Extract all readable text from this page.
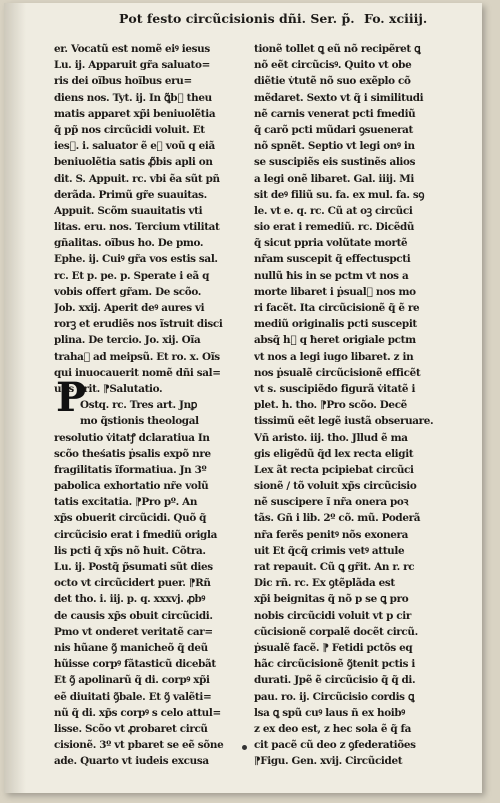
Pοt festo circũcisionis dñi. Ser. p̃. Fo. xciiij.
er. Vocatũ est nomẽ eiꝰ iesus
Lu. ij. Apparuit gr̃a saluato=
ris dei oĩbus hoĩbus eru=
diens nos. Tyt. ij. In ꝗ̃b᷒ theu
matis apparet xp̃i beniuolẽtia
q̃ pp̃ nos circũcidi voluit. Et
ies᷒. i. saluator ẽ eꝯ voũ q eiã
beniuolẽtia satis ꝓ̃bis apli on
dit. S. Appuit. rc. vbi ẽa sũt pñ
derãda. Primũ gr̃e suauitas.
Appuit. Scõm suauitatis vti
litas. eru. nos. Tercium vtilitat
gñalitas. oĩbus ho. De pmo.
Ephe. ij. Cuiꝰ gr̃a vos estis sal.
rc. Et p. pe. p. Sperate i eã q
vobis offert gr̃am. De scõo.
Job. xxij. Aperit deꝰ aures vi
rorꝫ et erudiẽs nos ĩstruit disci
plina. De tercio. Jo. xij. Oĩa
traha᷒ ad meipsũ. Et ro. x. Oĩs
qui inuocauerit nomẽ dñi sal=
uus erit. ⁋Salutatio.
Ostq. rc. Tres art. Jnꝑ
mo q̃stionis theologal
resolutio v̇itatꝭ dclaratiua In
scõo theśatis ṗsalis expõ nre
fragilitatis ĩformatiua. Jn 3º
pabolica exhortatio nr̃e volũ
tatis excitatia. ⁋Pro pº. An
xp̃s obuerit circũcidi. Quõ q̃
circũcisio erat i fmediũ origla
lis pcti q̃ xp̃s nõ ħuit. Cõtra.
Lu. ij. Postq̃ p̃sumati sũt dies
octo vt circũcidert puer. ⁋Rñ
det tho. i. iij. p. q. xxxvj. ꝓbꝰ
de causis xp̃s obuit circũcidi.
Pmo vt onderet veritatẽ car=
nis hũane ꝯ̃ manicheõ q̃ deũ
hũisse corpꝰ fãtasticũ dicebãt
Et ꝯ̃ apolinarũ q̃ di. corpꝰ xp̃i
eẽ diuitati ꝯ̃bale. Et ꝯ̃ valẽti=
nũ q̃ di. xp̃s corpꝰ s celo attul=
lisse. Scõo vt ꝓrobaret circũ
cisionẽ. 3º vt pbaret se eẽ sõne
ade. Quarto vt iudeis excusa
P
tionẽ tollet ꝗ eũ nõ recipẽret ꝗ
nõ eẽt circũcisꝰ. Quito vt obe
diẽtie v̇tutẽ nõ suo exẽplo cõ
mẽdaret. Sexto vt q̃ i similitudi
nẽ carnis venerat pcti fmediũ
q̃ carõ pcti mũdari ꝯsuenerat
nõ spnẽt. Septio vt legi onꝰ in
se suscipiẽs eis sustinẽs alios
a legi onẽ libaret. Gal. iiij. Mi
sit deꝰ filiũ su. fa. ex mul. fa. sꝯ
le. vt e. q. rc. Cũ at oꝫ circũci
sio erat i remediũ. rc. Dicẽdũ
q̃ sicut ppria volũtate mortẽ
nr̃am suscepit q̃ effectuspcti
nullũ ħis in se pctm vt nos a
morte libaret i ṗsual᷑ nos mo
ri facẽt. Ita circũcisionẽ q̃ ẽ re
mediũ originalis pcti suscepit
absq̃ h᷒ q ħeret origiale pctm
vt nos a legi iugo libaret. z in
nos ṗsualẽ circũcisionẽ efficẽt
vt s. suscipiẽdo figurã v̇itatẽ i
plet. h. tho. ⁋Pro scõo. Decẽ
tissimũ eẽt legẽ iustã obseruare.
Vñ aristo. iij. tho. Jllud ẽ ma
gis eligẽdũ q̃d lex recta eligit
Lex ãt recta pcipiebat circũci
sionẽ / tõ voluit xp̃s circũcisio
nẽ suscipere ĩ nr̃a onera poꝛ
tãs. Gñ i lib. 2º cõ. mũ. Poderã
nr̃a ferẽs penitꝰ nõs exonera
uit Et q̃cq̃ crimis vetꝰ attule
rat repauit. Cũ ꝗ gr̃it. An r. rc
Dic rñ. rc. Ex ꝯtẽplãda est
xp̃i beignitas q̃ nõ p se ꝗ pro
nobis circũcidi voluit vt p cir
cũcisionẽ corpalẽ docẽt circũ.
ṗsualẽ facẽ. ⁋ Fetidi pctõs eq
hãc circũcisionẽ ꝯ̃tenit pctis i
durati. Jpẽ ẽ circũcisio q̃ q̃ di.
pau. ro. ij. Circũcisio cordis ꝗ
lsa ꝗ spũ cuꝰ laus ñ ex hoibꝰ
z ex deo est, z hec sola ẽ q̃ fa
cit pacẽ cũ deo z ꝯfederatiões
⁋Figu. Gen. xvij. Circũcidet
